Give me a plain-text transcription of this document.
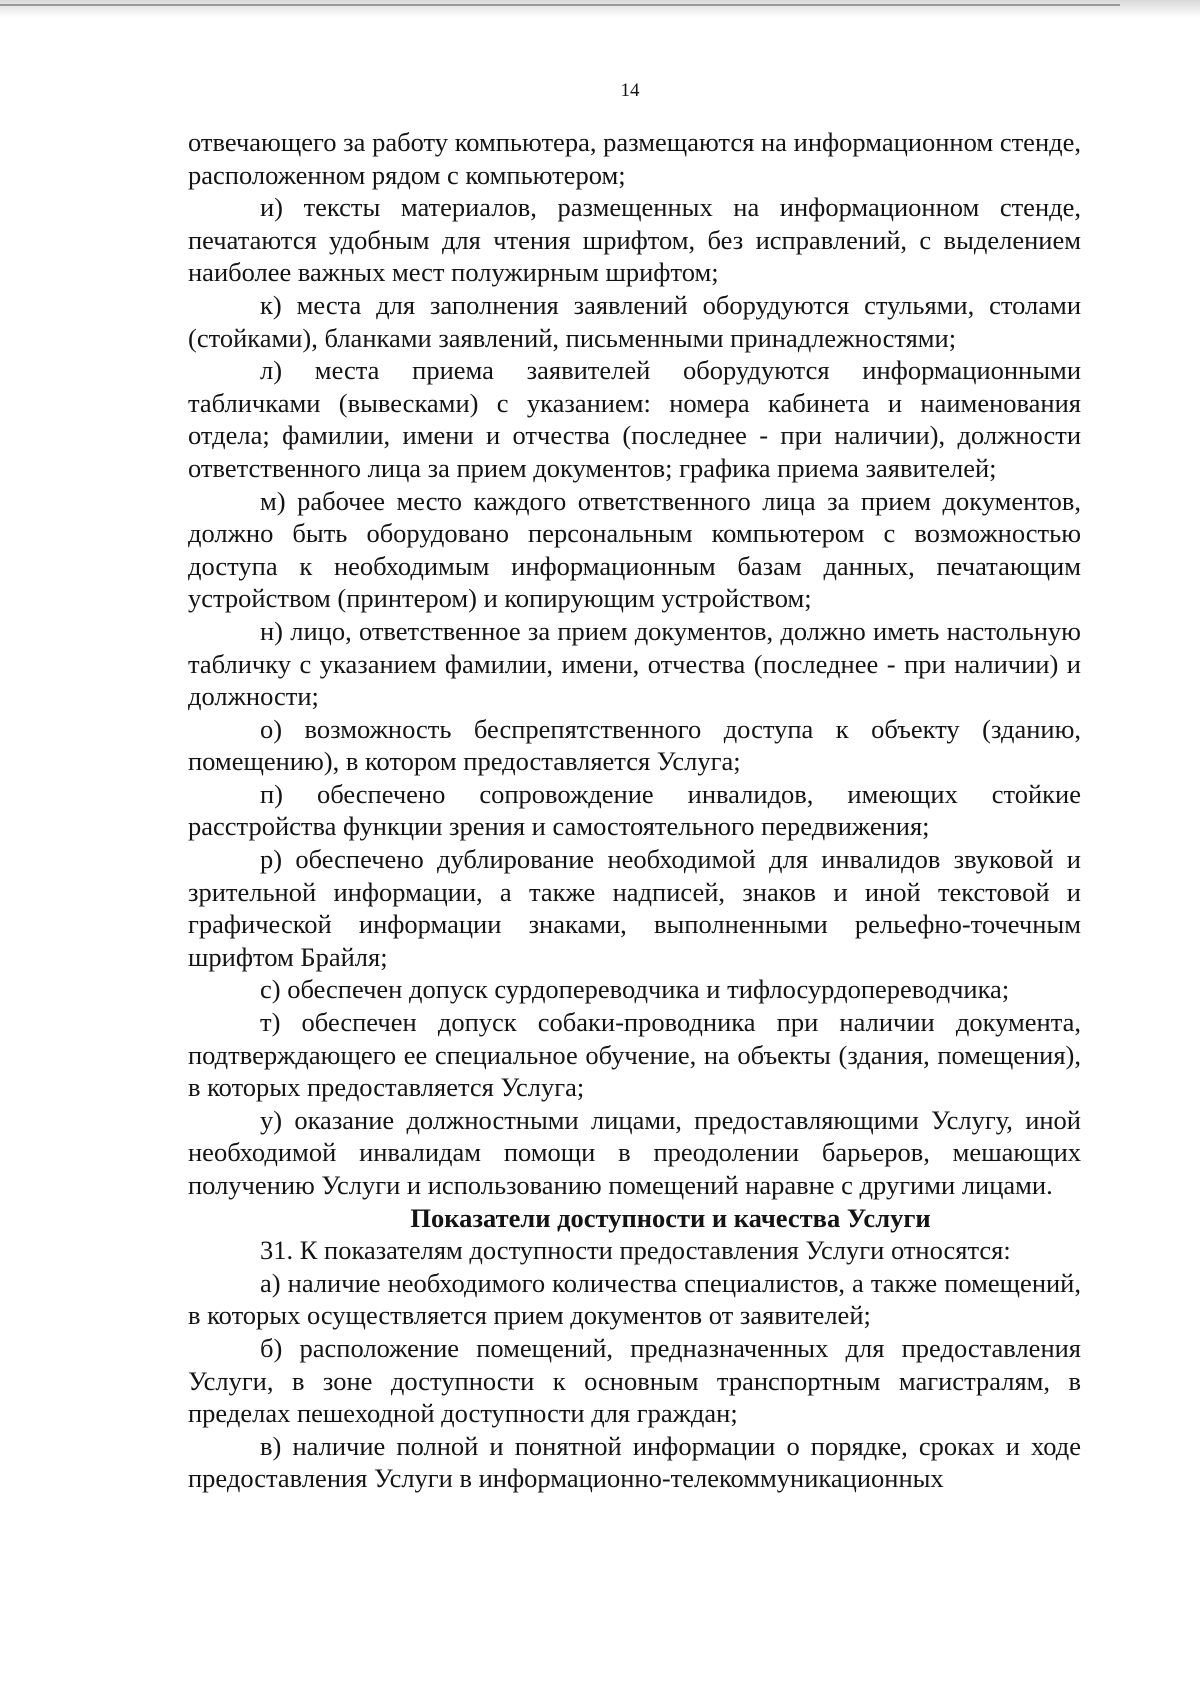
14

отвечающего за работу компьютера, размещаются на информационном стенде, расположенном рядом с компьютером;

и) тексты материалов, размещенных на информационном стенде, печатаются удобным для чтения шрифтом, без исправлений, с выделением наиболее важных мест полужирным шрифтом;

к) места для заполнения заявлений оборудуются стульями, столами (стойками), бланками заявлений, письменными принадлежностями;

л) места приема заявителей оборудуются информационными табличками (вывесками) с указанием: номера кабинета и наименования отдела; фамилии, имени и отчества (последнее - при наличии), должности ответственного лица за прием документов; графика приема заявителей;

м) рабочее место каждого ответственного лица за прием документов, должно быть оборудовано персональным компьютером с возможностью доступа к необходимым информационным базам данных, печатающим устройством (принтером) и копирующим устройством;

н) лицо, ответственное за прием документов, должно иметь настольную табличку с указанием фамилии, имени, отчества (последнее - при наличии) и должности;

о) возможность беспрепятственного доступа к объекту (зданию, помещению), в котором предоставляется Услуга;

п) обеспечено сопровождение инвалидов, имеющих стойкие расстройства функции зрения и самостоятельного передвижения;

р) обеспечено дублирование необходимой для инвалидов звуковой и зрительной информации, а также надписей, знаков и иной текстовой и графической информации знаками, выполненными рельефно-точечным шрифтом Брайля;

с) обеспечен допуск сурдопереводчика и тифлосурдопереводчика;

т) обеспечен допуск собаки-проводника при наличии документа, подтверждающего ее специальное обучение, на объекты (здания, помещения), в которых предоставляется Услуга;

у) оказание должностными лицами, предоставляющими Услугу, иной необходимой инвалидам помощи в преодолении барьеров, мешающих получению Услуги и использованию помещений наравне с другими лицами.

Показатели доступности и качества Услуги

31. К показателям доступности предоставления Услуги относятся:

а) наличие необходимого количества специалистов, а также помещений, в которых осуществляется прием документов от заявителей;

б) расположение помещений, предназначенных для предоставления Услуги, в зоне доступности к основным транспортным магистралям, в пределах пешеходной доступности для граждан;

в) наличие полной и понятной информации о порядке, сроках и ходе предоставления Услуги в информационно-телекоммуникационных
